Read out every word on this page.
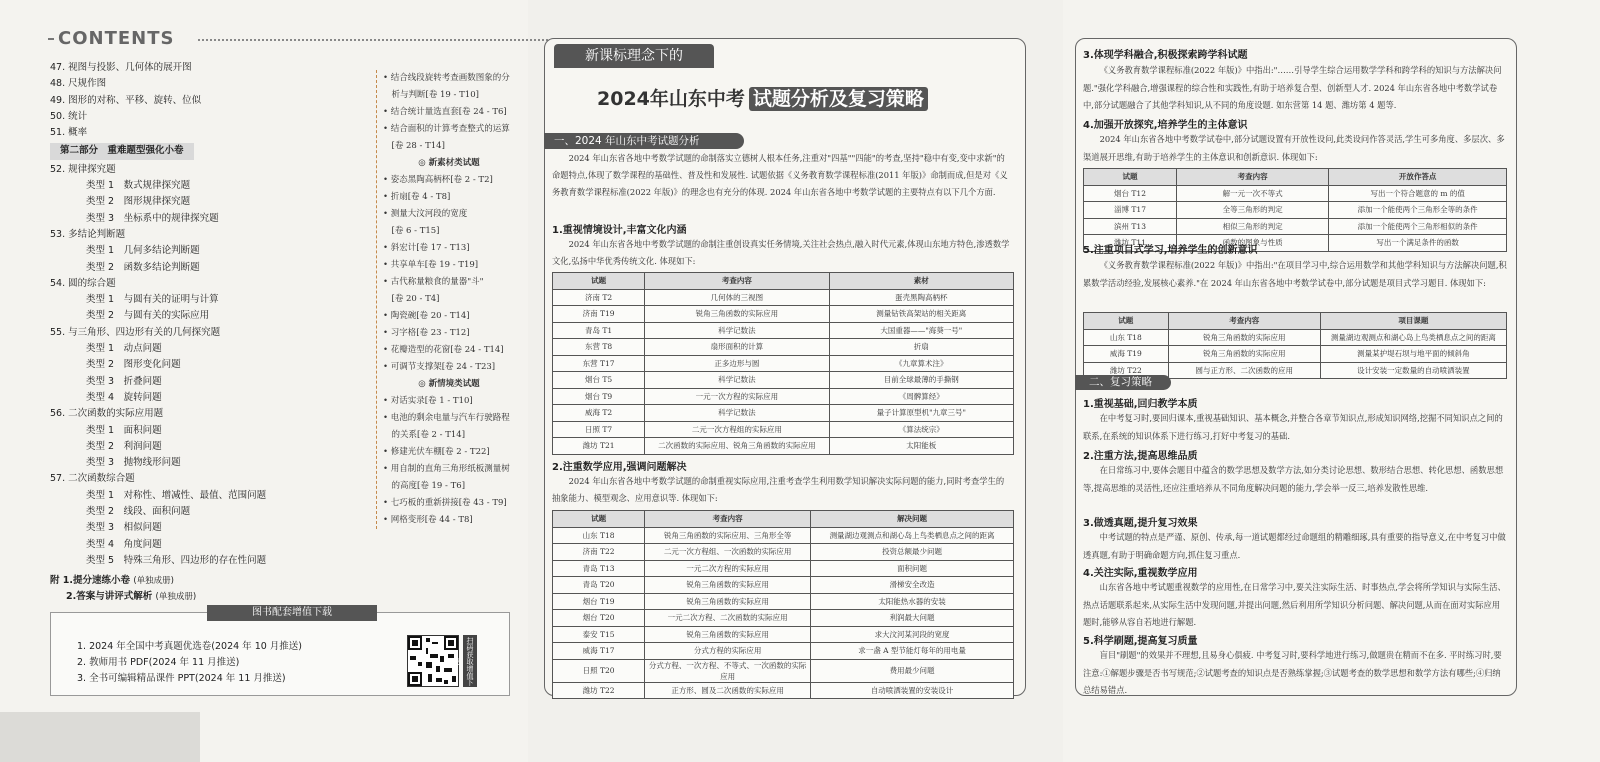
CONTENTS
47. 视图与投影、几何体的展开图
48. 尺规作图
49. 图形的对称、平移、旋转、位似
50. 统计
51. 概率
第二部分　重难题型强化小卷
52. 规律探究题
类型 1　数式规律探究题
类型 2　图形规律探究题
类型 3　坐标系中的规律探究题
53. 多结论判断题
类型 1　几何多结论判断题
类型 2　函数多结论判断题
54. 圆的综合题
类型 1　与圆有关的证明与计算
类型 2　与圆有关的实际应用
55. 与三角形、四边形有关的几何探究题
类型 1　动点问题
类型 2　图形变化问题
类型 3　折叠问题
类型 4　旋转问题
56. 二次函数的实际应用题
类型 1　面积问题
类型 2　利润问题
类型 3　抛物线形问题
57. 二次函数综合题
类型 1　对称性、增减性、最值、范围问题
类型 2　线段、面积问题
类型 3　相似问题
类型 4　角度问题
类型 5　特殊三角形、四边形的存在性问题
• 结合线段旋转考查画数图象的分
　析与判断[卷 19 - T10]
• 结合统计量选直套[卷 24 - T6]
• 结合面积的计算考查整式的运算
　[卷 28 - T14]
◎ 新素材类试题
• 姿态黑陶高柄杯[卷 2 - T2]
• 折扇[卷 4 - T8]
• 测量大汶河段的宽度
　[卷 6 - T15]
• 斜宏计[卷 17 - T13]
• 共享单车[卷 19 - T19]
• 古代称量粮食的量器"斗"
　[卷 20 - T4]
• 陶瓷碗[卷 20 - T14]
• 习字格[卷 23 - T12]
• 花瓣造型的花窗[卷 24 - T14]
• 可调节支撑架[卷 24 - T23]
◎ 新情境类试题
• 对话实录[卷 1 - T10]
• 电池的剩余电量与汽车行驶路程
　的关系[卷 2 - T14]
• 修建光伏车棚[卷 2 - T22]
• 用自制的直角三角形纸板测量树
　的高度[卷 19 - T6]
• 七巧板的重新拼接[卷 43 - T9]
• 网格变形[卷 44 - T8]
附 1.提分速练小卷 (单独成册)
2.答案与讲评式解析 (单独成册)
图书配套增值下载
1. 2024 年全国中考真题优选卷(2024 年 10 月推送)
2. 教师用书 PDF(2024 年 11 月推送)
3. 全书可编辑精品课件 PPT(2024 年 11 月推送)	扫码获取增值下载
新课标理念下的
2024年山东中考 试题分析及复习策略
一、2024 年山东中考试题分析
2024 年山东省各地中考数学试题的命制落实立德树人根本任务,注重对"四基""四能"的考查,坚持"稳中有变,变中求新"的命题特点,体现了数学课程的基础性、普及性和发展性. 试题依据《义务教育数学课程标准(2011 年版)》命制而成,但是对《义务教育数学课程标准(2022 年版)》的理念也有充分的体现. 2024 年山东省各地中考数学试题的主要特点有以下几个方面.
1.重视情境设计,丰富文化内涵
2024 年山东省各地中考数学试题的命制注重创设真实任务情境,关注社会热点,融入时代元素,体现山东地方特色,渗透数学文化,弘扬中华优秀传统文化. 体现如下:
试题	考查内容	素材
济南 T2	几何体的三视图	蛋壳黑陶高柄杯
济南 T19	锐角三角函数的实际应用	测量钻铁高架站的相关距离
青岛 T1	科学记数法	大国重器——"海葵一号"
东营 T8	扇形面积的计算	折扇
东营 T17	正多边形与圆	《九章算术注》
烟台 T5	科学记数法	目前全球最薄的手撕钢
烟台 T9	一元一次方程的实际应用	《周髀算经》
威海 T2	科学记数法	量子计算原型机"九章三号"
日照 T7	二元一次方程组的实际应用	《算法统宗》
潍坊 T21	二次函数的实际应用、锐角三角函数的实际应用	太阳能板
2.注重数学应用,强调问题解决
2024 年山东省各地中考数学试题的命制重视实际应用,注重考查学生利用数学知识解决实际问题的能力,同时考查学生的抽象能力、模型观念、应用意识等. 体现如下:
试题	考查内容	解决问题
山东 T18	锐角三角函数的实际应用、三角形全等	测量湖边观测点和湖心岛上鸟类栖息点之间的距离
济南 T22	二元一次方程组、一次函数的实际应用	投资总额最少问题
青岛 T13	一元二次方程的实际应用	面积问题
青岛 T20	锐角三角函数的实际应用	滑梯安全改造
烟台 T19	锐角三角函数的实际应用	太阳能热水器的安装
烟台 T20	一元二次方程、二次函数的实际应用	利润最大问题
泰安 T15	锐角三角函数的实际应用	求大汶河某河段的宽度
威海 T17	分式方程的实际应用	求一盏 A 型节能灯每年的用电量
日照 T20	分式方程、一次方程、不等式、一次函数的实际应用	费用最少问题
潍坊 T22	正方形、圆及二次函数的实际应用	自动喷洒装置的安装设计
3.体现学科融合,积极探索跨学科试题
《义务教育数学课程标准(2022 年版)》中指出:"……引导学生综合运用数学学科和跨学科的知识与方法解决问题."强化学科融合,增强课程的综合性和实践性,有助于培养复合型、创新型人才. 2024 年山东省各地中考数学试卷中,部分试题融合了其他学科知识,从不同的角度设题. 如东营第 14 题、潍坊第 4 题等.
4.加强开放探究,培养学生的主体意识
2024 年山东省各地中考数学试卷中,部分试题设置有开放性设问,此类设问作答灵活,学生可多角度、多层次、多渠道展开思维,有助于培养学生的主体意识和创新意识. 体现如下:
试题	考查内容	开放作答点
烟台 T12	解一元一次不等式	写出一个符合题意的 m 的值
淄博 T17	全等三角形的判定	添加一个能使两个三角形全等的条件
滨州 T13	相似三角形的判定	添加一个能使两个三角形相似的条件
潍坊 T11	函数的图象与性质	写出一个满足条件的函数
5.注重项目式学习,培养学生的创新意识
《义务教育数学课程标准(2022 年版)》中指出:"在项目学习中,综合运用数学和其他学科知识与方法解决问题,积累数学活动经验,发展核心素养."在 2024 年山东省各地中考数学试卷中,部分试题是项目式学习题目. 体现如下:
试题	考查内容	项目课题
山东 T18	锐角三角函数的实际应用	测量湖边观测点和湖心岛上鸟类栖息点之间的距离
威海 T19	锐角三角函数的实际应用	测量某护堤石坝与地平面的倾斜角
潍坊 T22	圆与正方形、二次函数的应用	设计安装一定数量的自动喷洒装置
二、复习策略
1.重视基础,回归教学本质
在中考复习时,要回归课本,重视基础知识、基本概念,并整合各章节知识点,形成知识网络,挖掘不同知识点之间的联系,在系统的知识体系下进行练习,打好中考复习的基础.
2.注重方法,提高思维品质
在日常练习中,要体会题目中蕴含的数学思想及数学方法,如分类讨论思想、数形结合思想、转化思想、函数思想等,提高思维的灵活性,还应注重培养从不同角度解决问题的能力,学会举一反三,培养发散性思维.
3.做透真题,提升复习效果
中考试题的特点是严谨、原创、传承,每一道试题都经过命题组的精雕细琢,具有重要的指导意义,在中考复习中做透真题,有助于明确命题方向,抓住复习重点.
4.关注实际,重视数学应用
山东省各地中考试题重视数学的应用性,在日常学习中,要关注实际生活、时事热点,学会将所学知识与实际生活、热点话题联系起来,从实际生活中发现问题,并提出问题,然后利用所学知识分析问题、解决问题,从而在面对实际应用题时,能够从容自若地进行解题.
5.科学刷题,提高复习质量
盲目"刷题"的效果并不理想,且易身心俱疲. 中考复习时,要科学地进行练习,做题贵在精而不在多. 平时练习时,要注意:①解题步骤是否书写规范;②试题考查的知识点是否熟练掌握;③试题考查的数学思想和数学方法有哪些;④归纳总结易错点.
